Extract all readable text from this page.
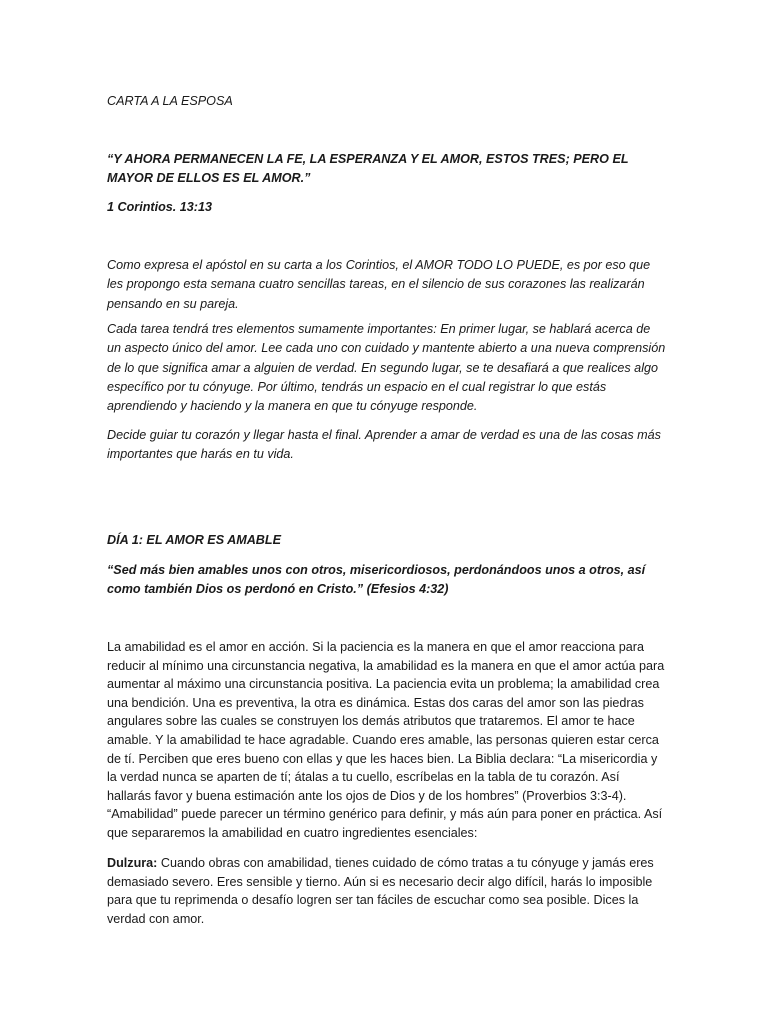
CARTA A LA ESPOSA

“Y AHORA PERMANECEN LA FE, LA ESPERANZA Y EL AMOR, ESTOS TRES; PERO EL MAYOR DE ELLOS ES EL AMOR.”

1 Corintios. 13:13

Como expresa el apóstol en su carta a los Corintios, el AMOR TODO LO PUEDE, es por eso que les propongo esta semana cuatro sencillas tareas, en el silencio de sus corazones las realizarán pensando en su pareja.

Cada tarea tendrá tres elementos sumamente importantes: En primer lugar, se hablará acerca de un aspecto único del amor. Lee cada uno con cuidado y mantente abierto a una nueva comprensión de lo que significa amar a alguien de verdad. En segundo lugar, se te desafiará a que realices algo específico por tu cónyuge. Por último, tendrás un espacio en el cual registrar lo que estás aprendiendo y haciendo y la manera en que tu cónyuge responde.

Decide guiar tu corazón y llegar hasta el final. Aprender a amar de verdad es una de las cosas más importantes que harás en tu vida.

DÍA 1: EL AMOR ES AMABLE

“Sed más bien amables unos con otros, misericordiosos, perdonándoos unos a otros, así como también Dios os perdonó en Cristo.” (Efesios 4:32)

La amabilidad es el amor en acción. Si la paciencia es la manera en que el amor reacciona para reducir al mínimo una circunstancia negativa, la amabilidad es la manera en que el amor actúa para aumentar al máximo una circunstancia positiva. La paciencia evita un problema; la amabilidad crea una bendición. Una es preventiva, la otra es dinámica. Estas dos caras del amor son las piedras angulares sobre las cuales se construyen los demás atributos que trataremos. El amor te hace amable. Y la amabilidad te hace agradable. Cuando eres amable, las personas quieren estar cerca de tí. Perciben que eres bueno con ellas y que les haces bien. La Biblia declara: “La misericordia y la verdad nunca se aparten de tí; átalas a tu cuello, escríbelas en la tabla de tu corazón. Así hallarás favor y buena estimación ante los ojos de Dios y de los hombres” (Proverbios 3:3-4). “Amabilidad” puede parecer un término genérico para definir, y más aún para poner en práctica. Así que separaremos la amabilidad en cuatro ingredientes esenciales:

Dulzura: Cuando obras con amabilidad, tienes cuidado de cómo tratas a tu cónyuge y jamás eres demasiado severo. Eres sensible y tierno. Aún si es necesario decir algo difícil, harás lo imposible para que tu reprimenda o desafío logren ser tan fáciles de escuchar como sea posible. Dices la verdad con amor.
